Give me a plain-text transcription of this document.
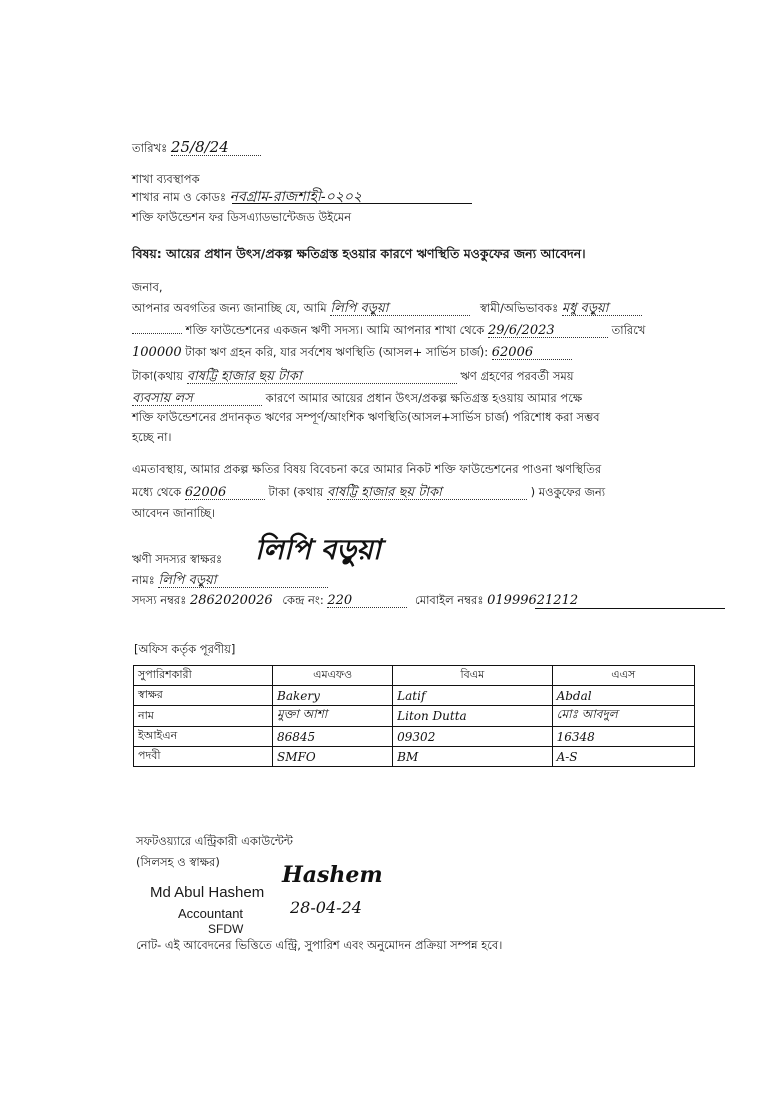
তারিখঃ 25/8/24
শাখা ব্যবস্থাপক
শাখার নাম ও কোডঃ নবগ্রাম-রাজশাহী-০২০২
শক্তি ফাউন্ডেশন ফর ডিসএ্যাডভান্টেজড উইমেন
বিষয়: আয়ের প্রধান উৎস/প্রকল্প ক্ষতিগ্রস্ত হওয়ার কারণে ঋণস্থিতি মওকুফের জন্য আবেদন।
জনাব,
আপনার অবগতির জন্য জানাচ্ছি যে, আমি লিপি বড়ুয়া	স্বামী/অভিভাবকঃ মধু বড়ুয়া
শক্তি ফাউন্ডেশনের একজন ঋণী সদস্য। আমি আপনার শাখা থেকে 29/6/2023	তারিখে
100000 টাকা ঋণ গ্রহন করি, যার সর্বশেষ ঋণস্থিতি (আসল+ সার্ভিস চার্জ): 62006
টাকা(কথায় বাষট্টি হাজার ছয় টাকা	ঋণ গ্রহণের পরবর্তী সময়
ব্যবসায় লস	কারণে আমার আয়ের প্রধান উৎস/প্রকল্প ক্ষতিগ্রস্ত হওয়ায় আমার পক্ষে
শক্তি ফাউন্ডেশনের প্রদানকৃত ঋণের সম্পূর্ণ/আংশিক ঋণস্থিতি(আসল+সার্ভিস চার্জ) পরিশোধ করা সম্ভব
হচ্ছে না।
এমতাবস্থায়, আমার প্রকল্প ক্ষতির বিষয় বিবেচনা করে আমার নিকট শক্তি ফাউন্ডেশনের পাওনা ঋণস্থিতির
মধ্যে থেকে 62006	টাকা (কথায় বাষট্টি হাজার ছয় টাকা	) মওকুফের জন্য
আবেদন জানাচ্ছি।
ঋণী সদস্যর স্বাক্ষরঃ লিপি বড়ুয়া
নামঃ লিপি বড়ুয়া
সদস্য নম্বরঃ 2862020026 কেন্দ্র নং: 220	মোবাইল নম্বরঃ 01999621212
[অফিস কর্তৃক পূরণীয়]
সুপারিশকারী	এমএফও	বিএম	এএস
স্বাক্ষর	Bakery	Latif	Abdal
নাম	মুক্তা আশা	Liton Dutta	মোঃ আবদুল
ইআইএন	86845	09302	16348
পদবী	SMFO	BM	A-S
সফটওয়্যারে এন্ট্রিকারী একাউন্টেন্ট
(সিলসহ ও স্বাক্ষর)	Hashem
28-04-24
Md Abul Hashem
Accountant
SFDW
নোট- এই আবেদনের ভিত্তিতে এন্ট্রি, সুপারিশ এবং অনুমোদন প্রক্রিয়া সম্পন্ন হবে।
